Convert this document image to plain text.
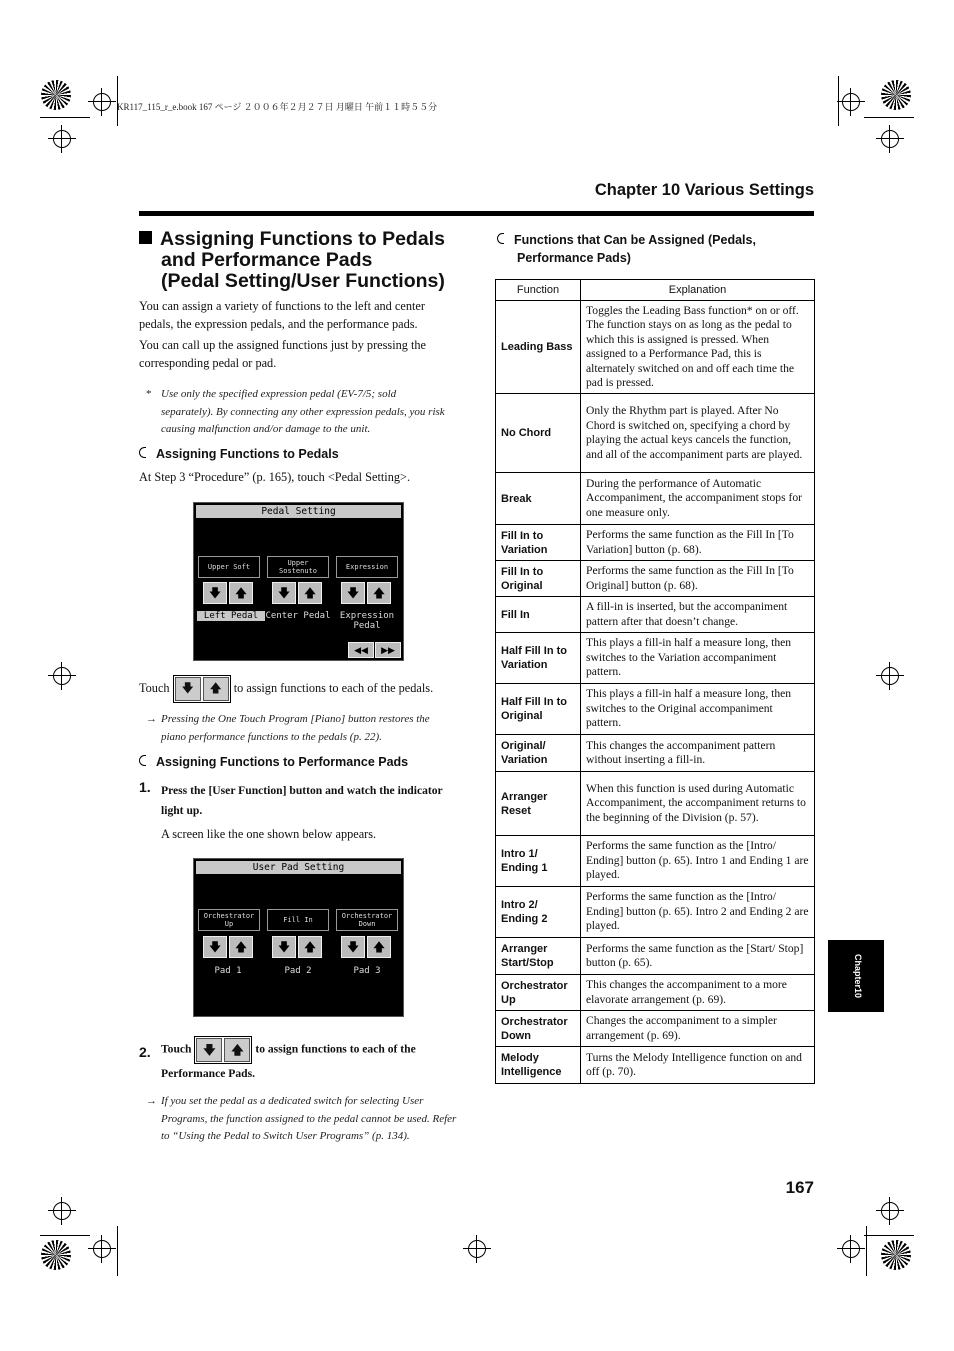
KR117_115_r_e.book 167 ページ ２００６年２月２７日 月曜日 午前１１時５５分
Chapter 10 Various Settings
Assigning Functions to Pedals
and Performance Pads
(Pedal Setting/User Functions)
You can assign a variety of functions to the left and center pedals, the expression pedals, and the performance pads.
You can call up the assigned functions just by pressing the corresponding pedal or pad.
* Use only the specified expression pedal (EV-7/5; sold separately). By connecting any other expression pedals, you risk causing malfunction and/or damage to the unit.
Assigning Functions to Pedals
At Step 3 “Procedure” (p. 165), touch <Pedal Setting>.
Pedal Setting
Upper Soft
Upper Sostenuto
Expression
🡇 🡅	🡇 🡅	🡇 🡅
Left Pedal Center Pedal	Expression Pedal
◀◀ ▶▶
Touch 🡇	🡅 to assign functions to each of the pedals.
→ Pressing the One Touch Program [Piano] button restores the piano performance functions to the pedals (p. 22).
Assigning Functions to Performance Pads
1. Press the [User Function] button and watch the indicator light up.
A screen like the one shown below appears.
User Pad Setting
Orchestrator Up
Fill In
Orchestrator Down
🡇 🡅	🡇 🡅	🡇 🡅
Pad 1	Pad 2	Pad 3
2. Touch 🡇	🡅	to assign functions to each of the Performance Pads.
→ If you set the pedal as a dedicated switch for selecting User Programs, the function assigned to the pedal cannot be used. Refer to “Using the Pedal to Switch User Programs” (p. 134).
Functions that Can be Assigned (Pedals,
Performance Pads)
Function	Explanation
Leading Bass	Toggles the Leading Bass function* on or off. The function stays on as long as the pedal to which this is assigned is pressed. When assigned to a Performance Pad, this is alternately switched on and off each time the pad is pressed.
No Chord	Only the Rhythm part is played. After No Chord is switched on, specifying a chord by playing the actual keys cancels the function, and all of the accompaniment parts are played.
Break	During the performance of Automatic Accompaniment, the accompaniment stops for one measure only.
Fill In to Variation	Performs the same function as the Fill In [To Variation] button (p. 68).
Fill In to Original	Performs the same function as the Fill In [To Original] button (p. 68).
Fill In	A fill-in is inserted, but the accompaniment pattern after that doesn’t change.
Half Fill In to Variation	This plays a fill-in half a measure long, then switches to the Variation accompaniment pattern.
Half Fill In to Original	This plays a fill-in half a measure long, then switches to the Original accompaniment pattern.
Original/ Variation	This changes the accompaniment pattern without inserting a fill-in.
Arranger Reset	When this function is used during Automatic Accompaniment, the accompaniment returns to the beginning of the Division (p. 57).
Intro 1/ Ending 1	Performs the same function as the [Intro/ Ending] button (p. 65). Intro 1 and Ending 1 are played.
Intro 2/ Ending 2	Performs the same function as the [Intro/ Ending] button (p. 65). Intro 2 and Ending 2 are played.
Arranger Start/Stop	Performs the same function as the [Start/ Stop] button (p. 65).
Orchestrator Up	This changes the accompaniment to a more elavorate arrangement (p. 69).
Orchestrator Down	Changes the accompaniment to a simpler arrangement (p. 69).
Melody Intelligence	Turns the Melody Intelligence function on and off (p. 70).
Chapter10
167
